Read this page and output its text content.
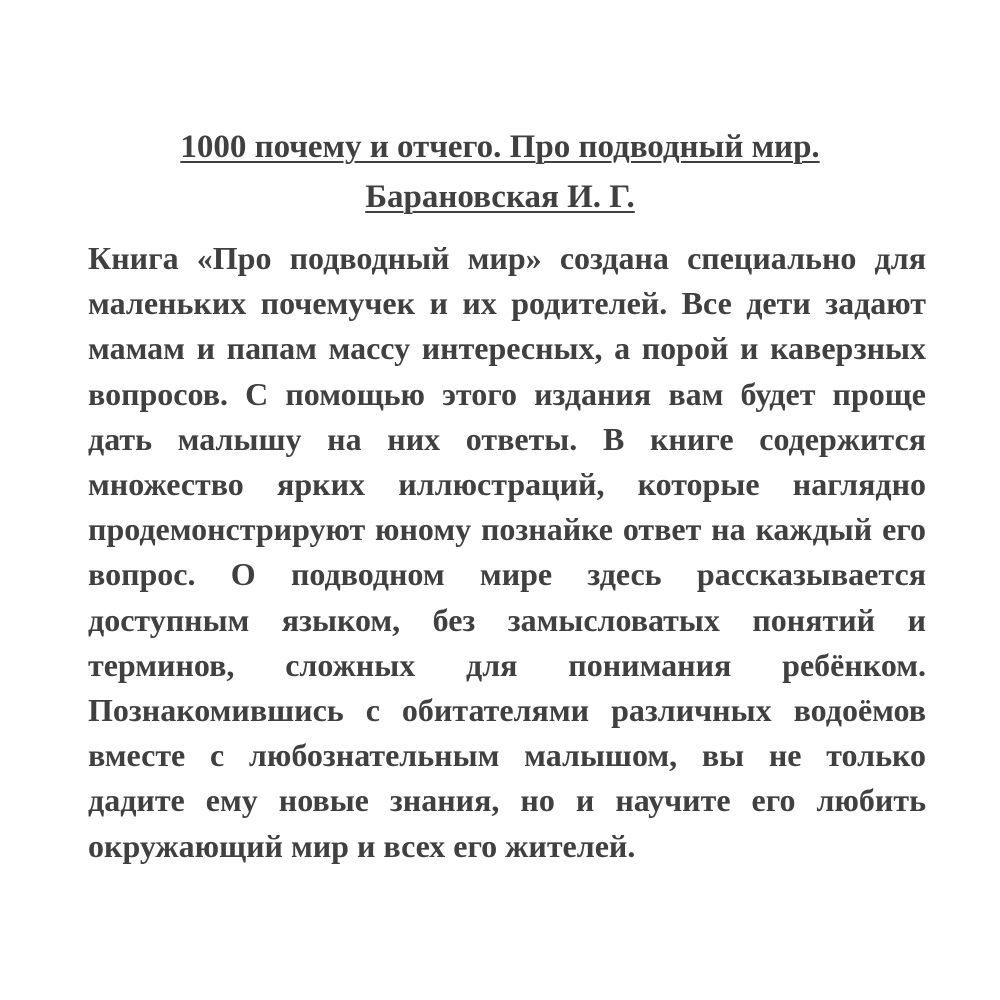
1000 почему и отчего. Про подводный мир.
Барановская И. Г.

Книга «Про подводный мир» создана специально для маленьких почемучек и их родителей. Все дети задают мамам и папам массу интересных, а порой и каверзных вопросов. С помощью этого издания вам будет проще дать малышу на них ответы. В книге содержится множество ярких иллюстраций, которые наглядно продемонстрируют юному познайке ответ на каждый его вопрос. О подводном мире здесь рассказывается доступным языком, без замысловатых понятий и терминов, сложных для понимания ребёнком. Познакомившись с обитателями различных водоёмов вместе с любознательным малышом, вы не только дадите ему новые знания, но и научите его любить окружающий мир и всех его жителей.
